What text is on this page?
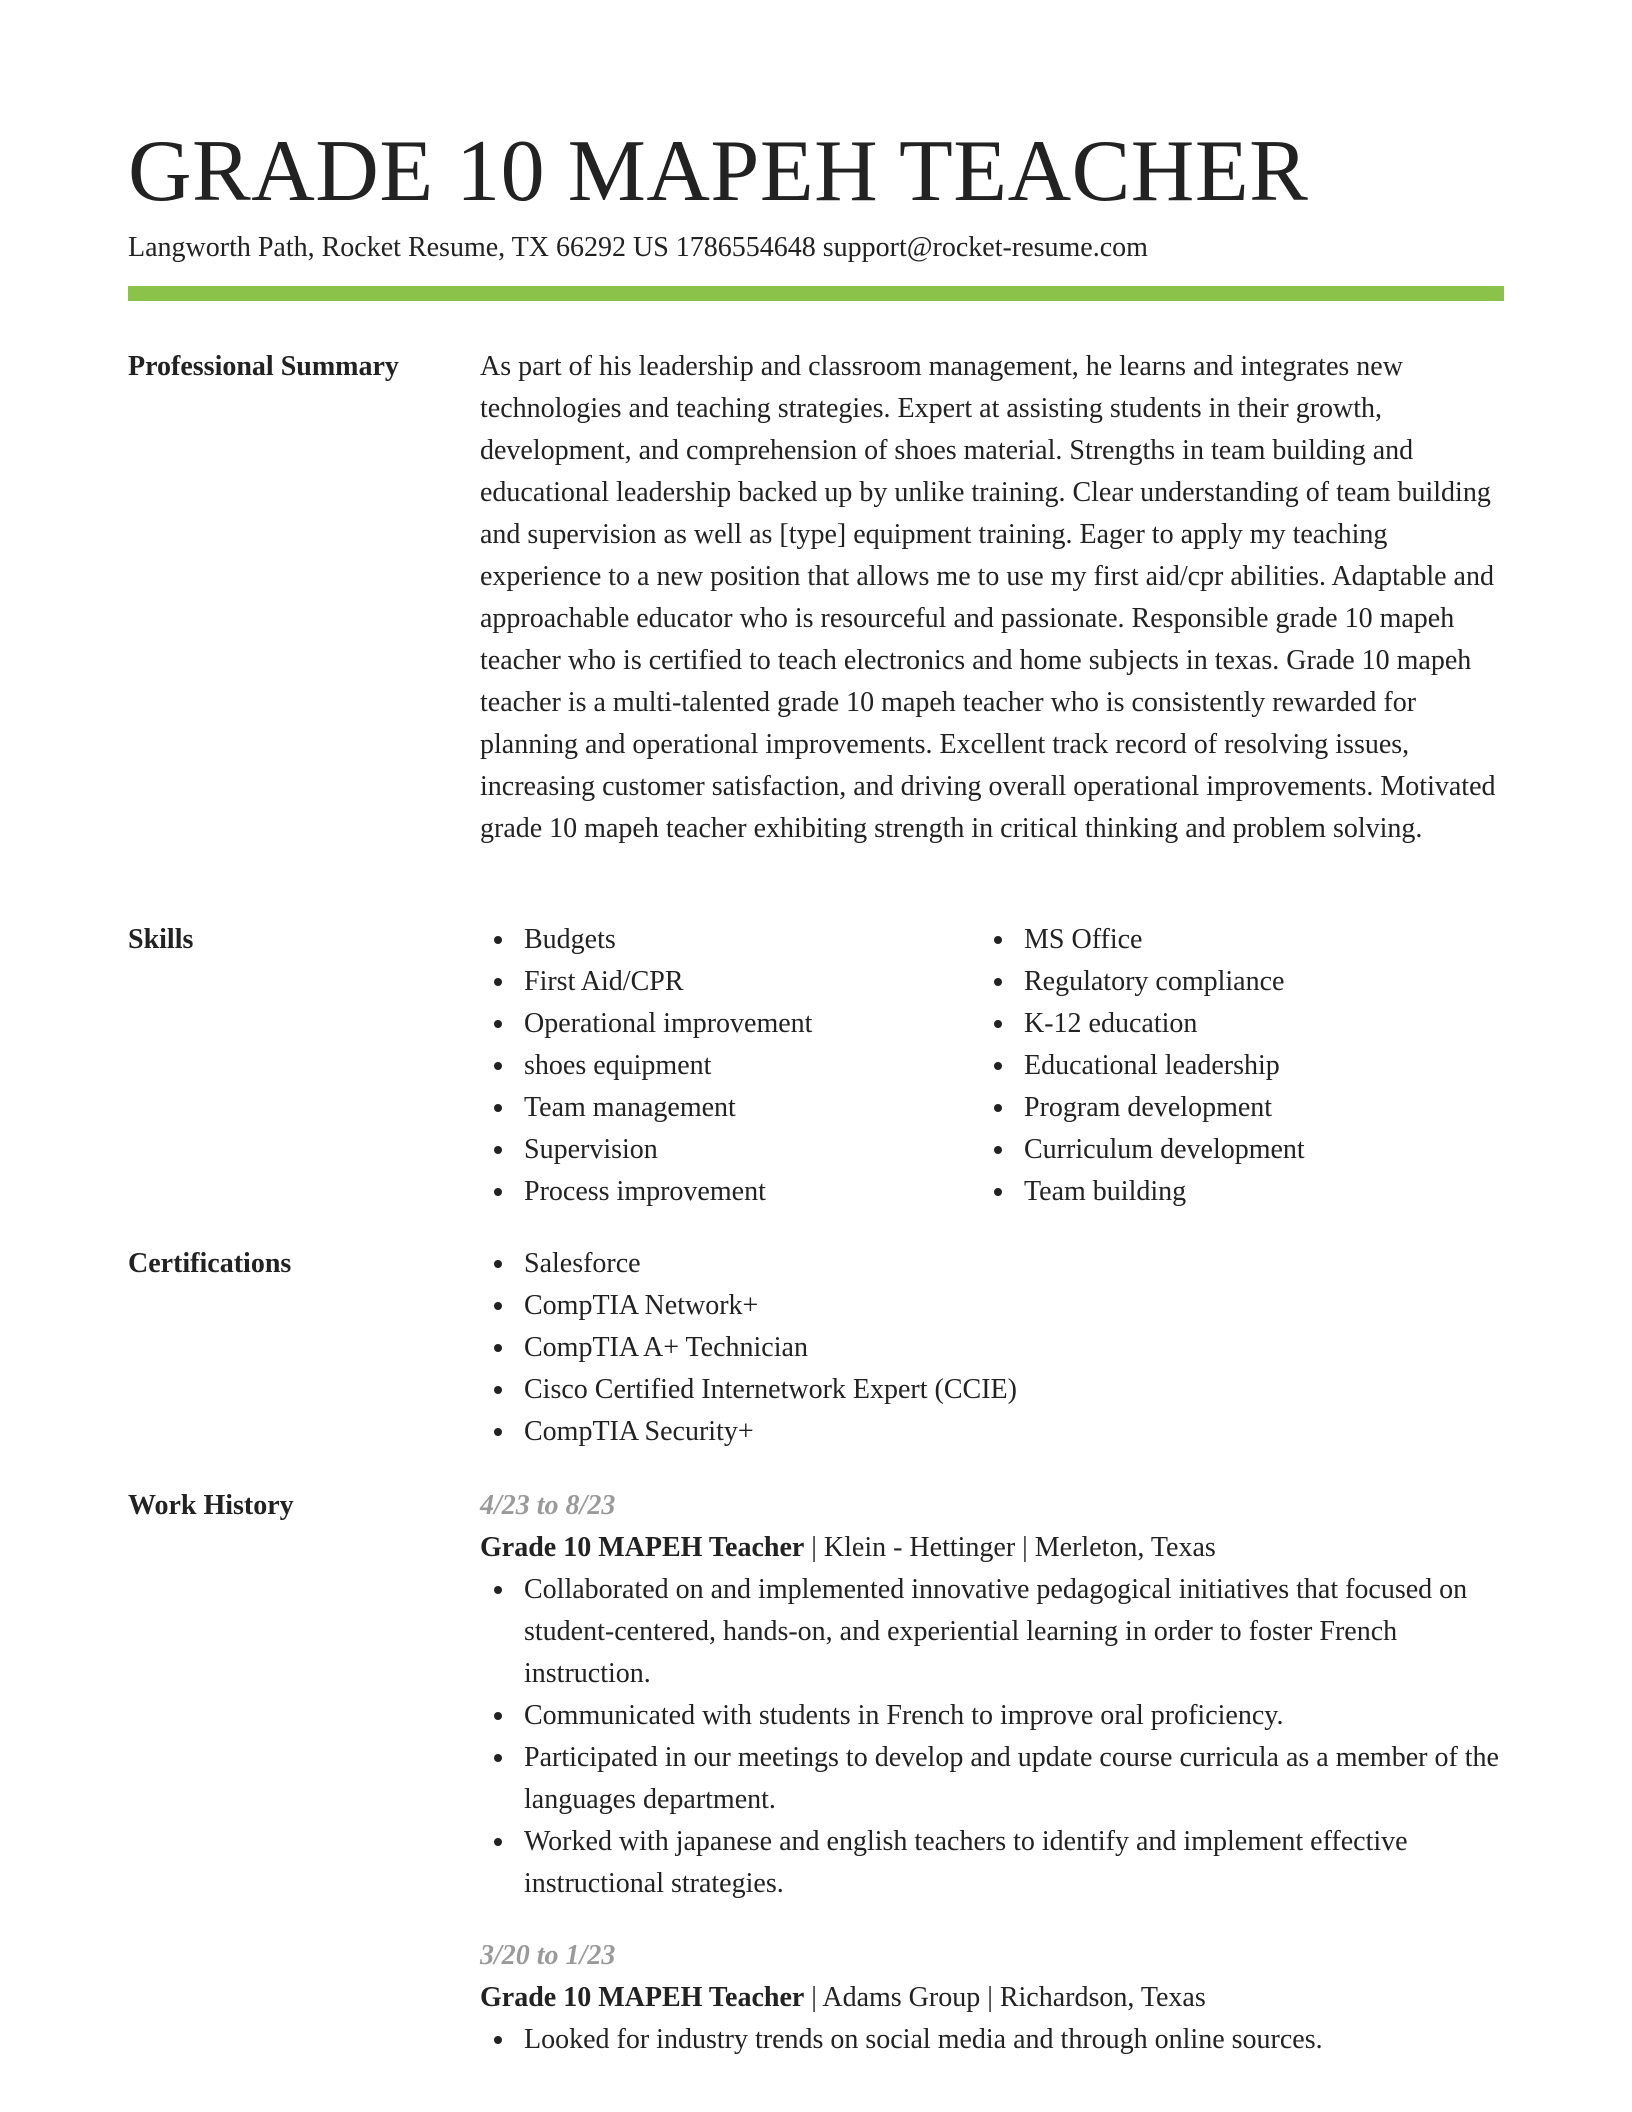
GRADE 10 MAPEH TEACHER
Langworth Path, Rocket Resume, TX 66292 US 1786554648 support@rocket-resume.com
Professional Summary	As part of his leadership and classroom management, he learns and integrates new technologies and teaching strategies. Expert at assisting students in their growth, development, and comprehension of shoes material. Strengths in team building and educational leadership backed up by unlike training. Clear understanding of team building and supervision as well as [type] equipment training. Eager to apply my teaching experience to a new position that allows me to use my first aid/cpr abilities. Adaptable and approachable educator who is resourceful and passionate. Responsible grade 10 mapeh teacher who is certified to teach electronics and home subjects in texas. Grade 10 mapeh teacher is a multi-talented grade 10 mapeh teacher who is consistently rewarded for planning and operational improvements. Excellent track record of resolving issues, increasing customer satisfaction, and driving overall operational improvements. Motivated grade 10 mapeh teacher exhibiting strength in critical thinking and problem solving.

Skills	Budgets
First Aid/CPR
Operational improvement
shoes equipment
Team management
Supervision
Process improvement
MS Office
Regulatory compliance
K-12 education
Educational leadership
Program development
Curriculum development
Team building
Certifications	Salesforce
CompTIA Network+
CompTIA A+ Technician
Cisco Certified Internetwork Expert (CCIE)
CompTIA Security+
Work History	4/23 to 8/23
Grade 10 MAPEH Teacher | Klein - Hettinger | Merleton, Texas
Collaborated on and implemented innovative pedagogical initiatives that focused on student-centered, hands-on, and experiential learning in order to foster French instruction.
Communicated with students in French to improve oral proficiency.
Participated in our meetings to develop and update course curricula as a member of the languages department.
Worked with japanese and english teachers to identify and implement effective instructional strategies.
3/20 to 1/23
Grade 10 MAPEH Teacher | Adams Group | Richardson, Texas
Looked for industry trends on social media and through online sources.
